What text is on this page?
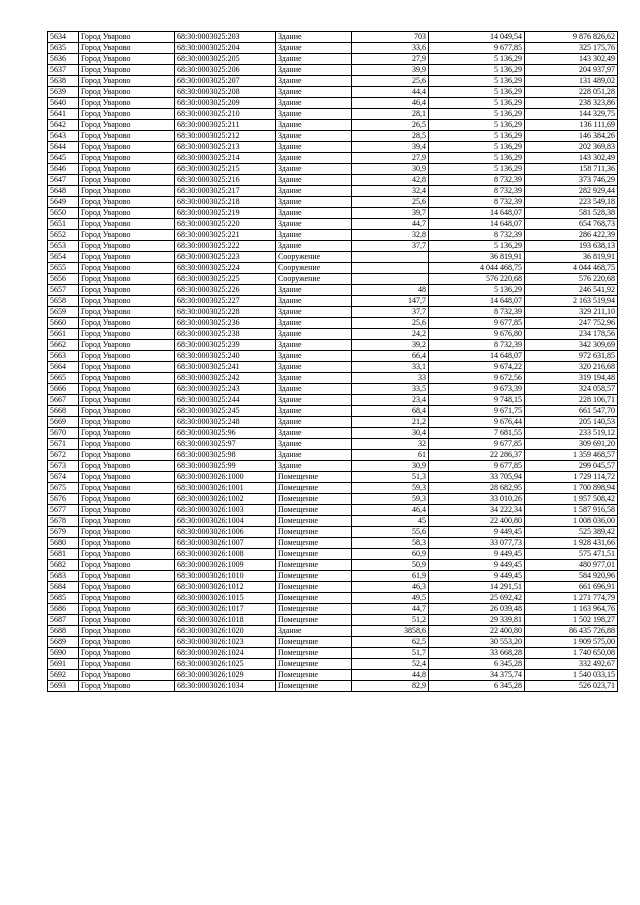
5634	Город Уварово	68:30:0003025:203	Здание	703	14 049,54	9 876 826,62
5635	Город Уварово	68:30:0003025:204	Здание	33,6	9 677,85	325 175,76
5636	Город Уварово	68:30:0003025:205	Здание	27,9	5 136,29	143 302,49
5637	Город Уварово	68:30:0003025:206	Здание	39,9	5 136,29	204 937,97
5638	Город Уварово	68:30:0003025:207	Здание	25,6	5 136,29	131 489,02
5639	Город Уварово	68:30:0003025:208	Здание	44,4	5 136,29	228 051,28
5640	Город Уварово	68:30:0003025:209	Здание	46,4	5 136,29	238 323,86
5641	Город Уварово	68:30:0003025:210	Здание	28,1	5 136,29	144 329,75
5642	Город Уварово	68:30:0003025:211	Здание	26,5	5 136,29	136 111,69
5643	Город Уварово	68:30:0003025:212	Здание	28,5	5 136,29	146 384,26
5644	Город Уварово	68:30:0003025:213	Здание	39,4	5 136,29	202 369,83
5645	Город Уварово	68:30:0003025:214	Здание	27,9	5 136,29	143 302,49
5646	Город Уварово	68:30:0003025:215	Здание	30,9	5 136,29	158 711,36
5647	Город Уварово	68:30:0003025:216	Здание	42,8	8 732,39	373 746,29
5648	Город Уварово	68:30:0003025:217	Здание	32,4	8 732,39	282 929,44
5649	Город Уварово	68:30:0003025:218	Здание	25,6	8 732,39	223 549,18
5650	Город Уварово	68:30:0003025:219	Здание	39,7	14 648,07	581 528,38
5651	Город Уварово	68:30:0003025:220	Здание	44,7	14 648,07	654 768,73
5652	Город Уварово	68:30:0003025:221	Здание	32,8	8 732,39	286 422,39
5653	Город Уварово	68:30:0003025:222	Здание	37,7	5 136,29	193 638,13
5654	Город Уварово	68:30:0003025:223	Сооружение		36 819,91	36 819,91
5655	Город Уварово	68:30:0003025:224	Сооружение		4 044 468,75	4 044 468,75
5656	Город Уварово	68:30:0003025:225	Сооружение		576 220,68	576 220,68
5657	Город Уварово	68:30:0003025:226	Здание	48	5 136,29	246 541,92
5658	Город Уварово	68:30:0003025:227	Здание	147,7	14 648,07	2 163 519,94
5659	Город Уварово	68:30:0003025:228	Здание	37,7	8 732,39	329 211,10
5660	Город Уварово	68:30:0003025:236	Здание	25,6	9 677,85	247 752,96
5661	Город Уварово	68:30:0003025:238	Здание	24,2	9 676,80	234 178,56
5662	Город Уварово	68:30:0003025:239	Здание	39,2	8 732,39	342 309,69
5663	Город Уварово	68:30:0003025:240	Здание	66,4	14 648,07	972 631,85
5664	Город Уварово	68:30:0003025:241	Здание	33,1	9 674,22	320 216,68
5665	Город Уварово	68:30:0003025:242	Здание	33	9 672,56	319 194,48
5666	Город Уварово	68:30:0003025:243	Здание	33,5	9 673,39	324 058,57
5667	Город Уварово	68:30:0003025:244	Здание	23,4	9 748,15	228 106,71
5668	Город Уварово	68:30:0003025:245	Здание	68,4	9 671,75	661 547,70
5669	Город Уварово	68:30:0003025:248	Здание	21,2	9 676,44	205 140,53
5670	Город Уварово	68:30:0003025:96	Здание	30,4	7 681,55	233 519,12
5671	Город Уварово	68:30:0003025:97	Здание	32	9 677,85	309 691,20
5672	Город Уварово	68:30:0003025:98	Здание	61	22 286,37	1 359 468,57
5673	Город Уварово	68:30:0003025:99	Здание	30,9	9 677,85	299 045,57
5674	Город Уварово	68:30:0003026:1000	Помещение	51,3	33 705,94	1 729 114,72
5675	Город Уварово	68:30:0003026:1001	Помещение	59,3	28 682,95	1 700 898,94
5676	Город Уварово	68:30:0003026:1002	Помещение	59,3	33 010,26	1 957 508,42
5677	Город Уварово	68:30:0003026:1003	Помещение	46,4	34 222,34	1 587 916,58
5678	Город Уварово	68:30:0003026:1004	Помещение	45	22 400,80	1 008 036,00
5679	Город Уварово	68:30:0003026:1006	Помещение	55,6	9 449,45	525 389,42
5680	Город Уварово	68:30:0003026:1007	Помещение	58,3	33 077,73	1 928 431,66
5681	Город Уварово	68:30:0003026:1008	Помещение	60,9	9 449,45	575 471,51
5682	Город Уварово	68:30:0003026:1009	Помещение	50,9	9 449,45	480 977,01
5683	Город Уварово	68:30:0003026:1010	Помещение	61,9	9 449,45	584 920,96
5684	Город Уварово	68:30:0003026:1012	Помещение	46,3	14 291,51	661 696,91
5685	Город Уварово	68:30:0003026:1015	Помещение	49,5	25 692,42	1 271 774,79
5686	Город Уварово	68:30:0003026:1017	Помещение	44,7	26 039,48	1 163 964,76
5687	Город Уварово	68:30:0003026:1018	Помещение	51,2	29 339,81	1 502 198,27
5688	Город Уварово	68:30:0003026:1020	Здание	3858,6	22 400,80	86 435 726,88
5689	Город Уварово	68:30:0003026:1023	Помещение	62,5	30 553,20	1 909 575,00
5690	Город Уварово	68:30:0003026:1024	Помещение	51,7	33 668,28	1 740 650,08
5691	Город Уварово	68:30:0003026:1025	Помещение	52,4	6 345,28	332 492,67
5692	Город Уварово	68:30:0003026:1029	Помещение	44,8	34 375,74	1 540 033,15
5693	Город Уварово	68:30:0003026:1034	Помещение	82,9	6 345,28	526 023,71
